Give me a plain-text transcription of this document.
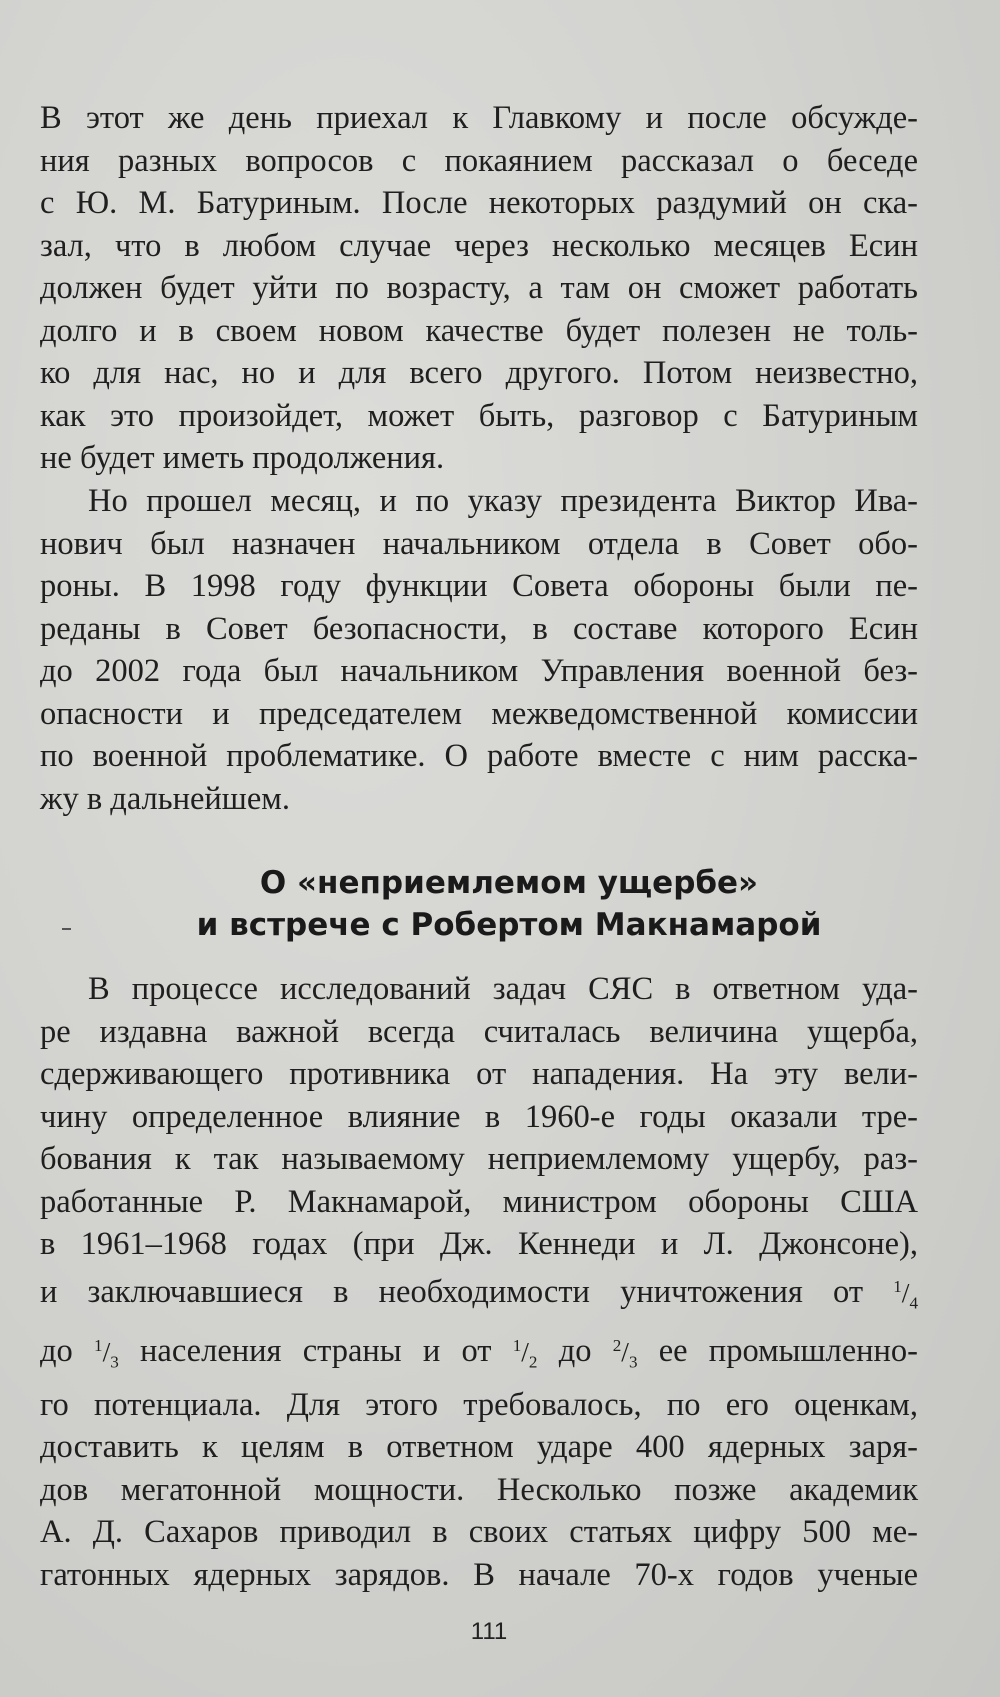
В этот же день приехал к Главкому и после обсужде-
ния разных вопросов с покаянием рассказал о беседе
с Ю. М. Батуриным. После некоторых раздумий он ска-
зал, что в любом случае через несколько месяцев Есин
должен будет уйти по возрасту, а там он сможет работать
долго и в своем новом качестве будет полезен не толь-
ко для нас, но и для всего другого. Потом неизвестно,
как это произойдет, может быть, разговор с Батуриным
не будет иметь продолжения.
Но прошел месяц, и по указу президента Виктор Ива-
нович был назначен начальником отдела в Совет обо-
роны. В 1998 году функции Совета обороны были пе-
реданы в Совет безопасности, в составе которого Есин
до 2002 года был начальником Управления военной без-
опасности и председателем межведомственной комиссии
по военной проблематике. О работе вместе с ним расска-
жу в дальнейшем.
О «неприемлемом ущербе»
и встрече с Робертом Макнамарой
В процессе исследований задач СЯС в ответном уда-
ре издавна важной всегда считалась величина ущерба,
сдерживающего противника от нападения. На эту вели-
чину определенное влияние в 1960-е годы оказали тре-
бования к так называемому неприемлемому ущербу, раз-
работанные Р. Макнамарой, министром обороны США
в 1961–1968 годах (при Дж. Кеннеди и Л. Джонсоне),
и заключавшиеся в необходимости уничтожения от $^1/_4$
до $^1/_3$ населения страны и от $^1/_2$ до $^2/_3$ ее промышленно-
го потенциала. Для этого требовалось, по его оценкам,
доставить к целям в ответном ударе 400 ядерных заря-
дов мегатонной мощности. Несколько позже академик
А. Д. Сахаров приводил в своих статьях цифру 500 ме-
гатонных ядерных зарядов. В начале 70-х годов ученые
111
